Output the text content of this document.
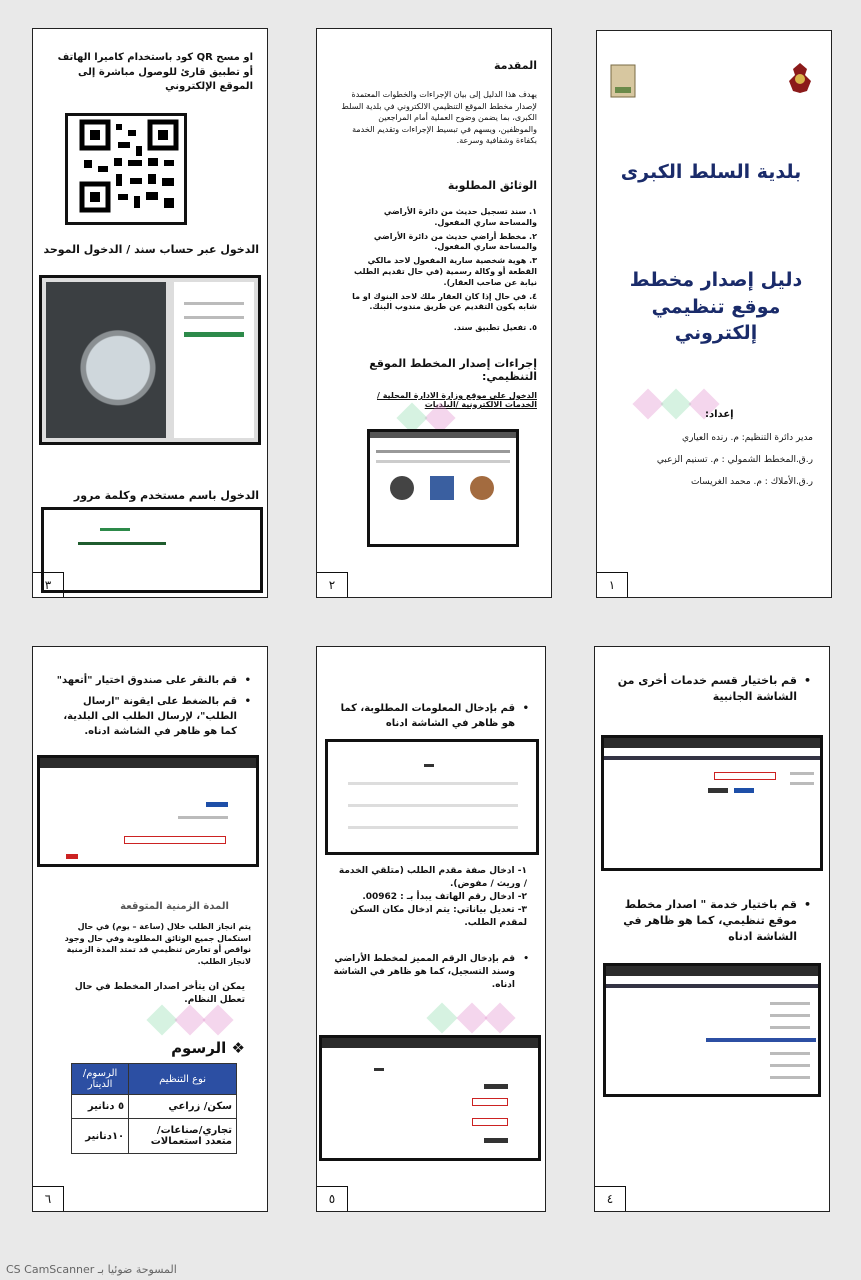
او مسح QR كود باستخدام كاميرا الهاتف أو تطبيق قارئ للوصول مباشرة إلى الموقع الإلكتروني
الدخول عبر حساب سند / الدخول الموحد
الدخول باسم مستخدم وكلمة مرور
٣
المقدمة
يهدف هذا الدليل إلى بيان الإجراءات والخطوات المعتمدة لإصدار مخطط الموقع التنظيمي الالكتروني في بلدية السلط الكبرى، بما يضمن وضوح العملية أمام المراجعين والموظفين، ويسهم في تبسيط الإجراءات وتقديم الخدمة بكفاءة وشفافية وسرعة.
الوثائق المطلوبة
١. سند تسجيل حديث من دائرة الأراضي والمساحة ساري المفعول.
٢. مخطط أراضي حديث من دائرة الأراضي والمساحة ساري المفعول.
٣. هوية شخصية سارية المفعول لاحد مالكي القطعة أو وكالة رسمية (في حال تقديم الطلب نيابة عن صاحب العقار).
٤. في حال إذا كان العقار ملك لاحد البنوك او ما شابه يكون التقديم عن طريق مندوب البنك.
٥. تفعيل تطبيق سند.
إجراءات إصدار المخطط الموقع التنظيمي:
الدخول على موقع وزارة الادارة المحلية / الخدمات الالكترونية /البلديات
٢
بلدية السلط الكبرى
دليل إصدار مخطط موقع تنظيمي إلكتروني
إعداد:
مدير دائرة التنظيم: م. رنده العياري
ر.ق.المخطط الشمولي : م. تسنيم الزعبي
ر.ق.الأملاك : م. محمد الغريسات
١
• قم بالنقر على صندوق اختيار "أتعهد"
• قم بالضغط على ايقونة "ارسال الطلب"، لإرسال الطلب الى البلدية، كما هو ظاهر في الشاشة ادناه.
المدة الزمنية المتوقعة
يتم انجاز الطلب خلال (ساعة – يوم) في حال استكمال جميع الوثائق المطلوبة وفي حال وجود نواقص أو تعارض تنظيمي قد تمتد المدة الزمنية لانجاز الطلب.
يمكن ان يتأخر اصدار المخطط في حال تعطل النظام.
❖ الرسوم
نوع التنظيم	الرسوم/الدينار
سكن/ زراعي	٥ دنانير
تجاري/صناعات/متعدد استعمالات	١٠دنانير
٦
• قم بإدخال المعلومات المطلوبة، كما هو ظاهر في الشاشة ادناه
١- ادخال صفة مقدم الطلب (متلقي الخدمة / وريث / مفوض).
٢- ادخال رقم الهاتف يبدأ بـ : 00962.
٣- تعديل بياناتي: يتم ادخال مكان السكن لمقدم الطلب.
• قم بإدخال الرقم المميز لمخطط الأراضي وسند التسجيل، كما هو ظاهر في الشاشة ادناه.
٥
• قم باختيار قسم خدمات أخرى من الشاشة الجانبية
• قم باختيار خدمة " اصدار مخطط موقع تنظيمي، كما هو ظاهر في الشاشة ادناه
٤
CS CamScanner المسوحة ضوئيا بـ
